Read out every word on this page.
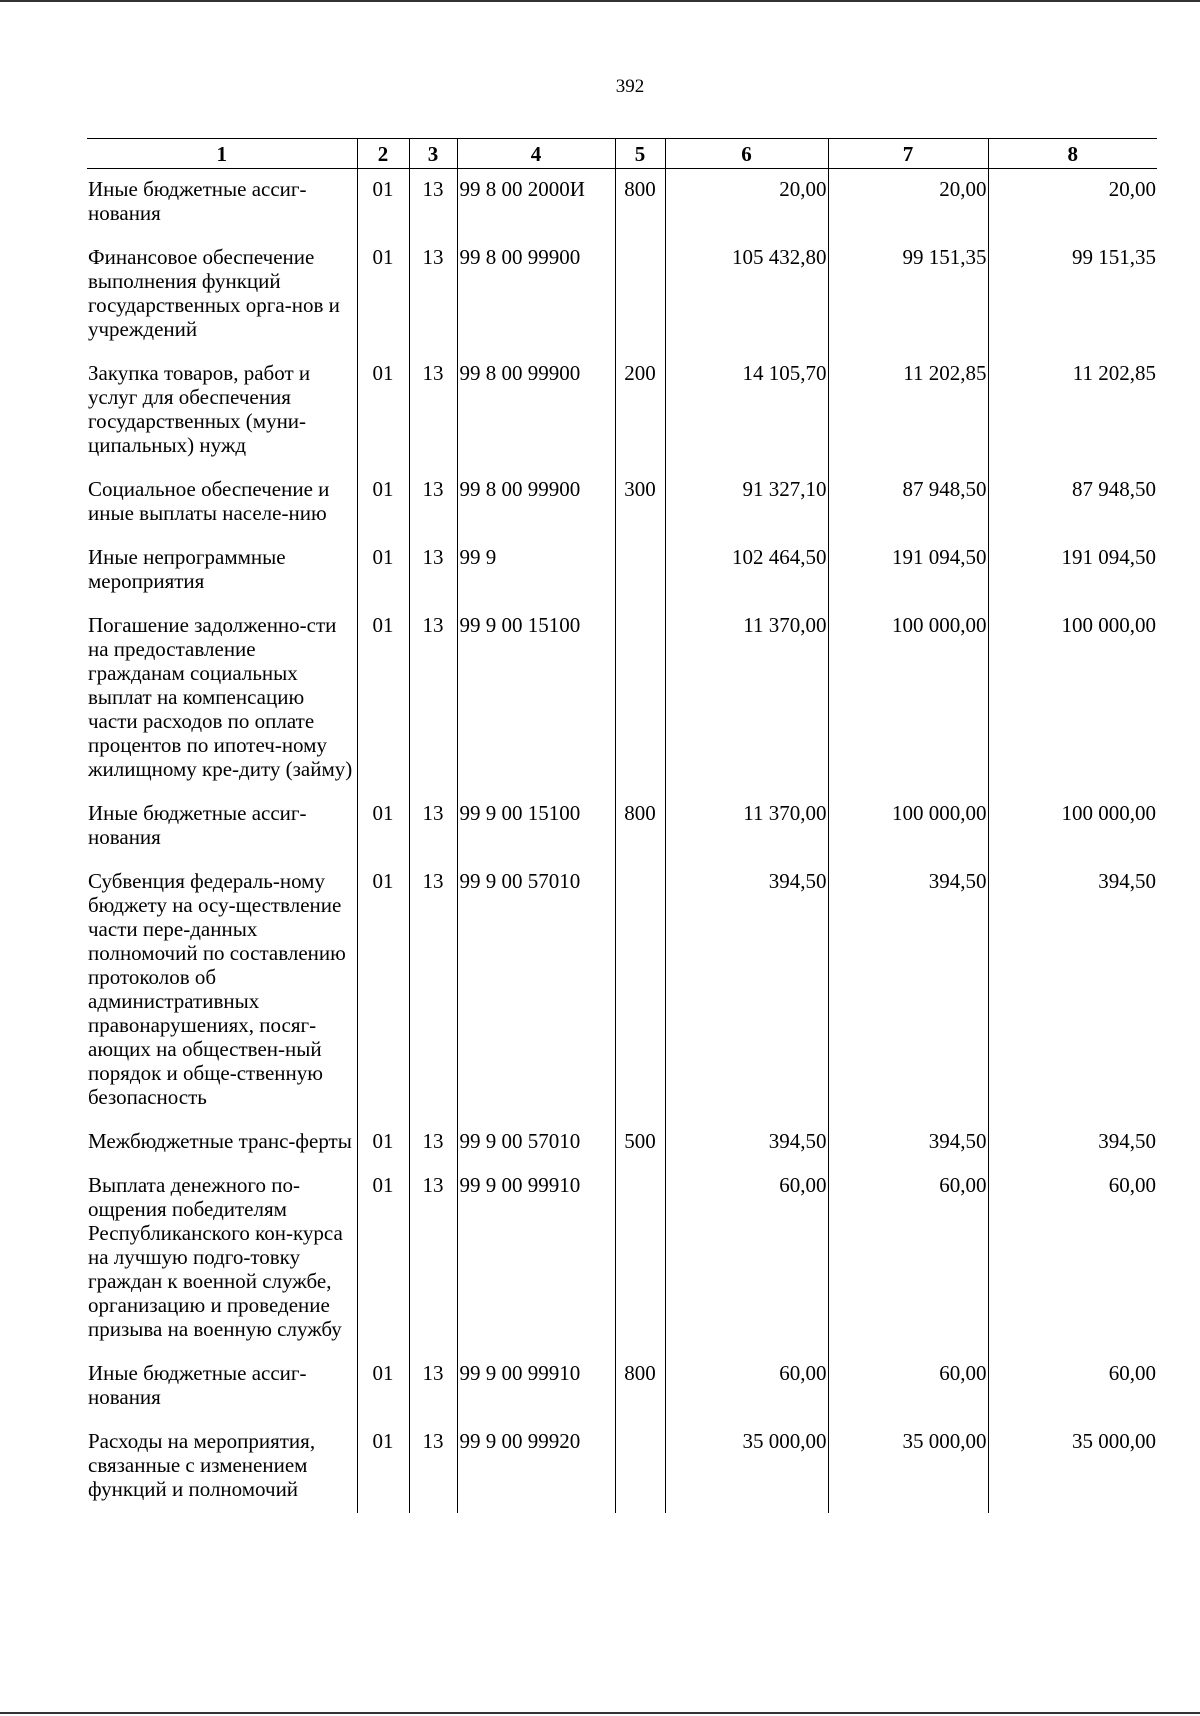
392
1	2	3	4	5	6	7	8
Иные бюджетные ассиг-нования	01	13	99 8 00 2000И	800	20,00	20,00	20,00
Финансовое обеспечение выполнения функций государственных орга-нов и учреждений	01	13	99 8 00 99900		105 432,80	99 151,35	99 151,35
Закупка товаров, работ и услуг для обеспечения государственных (муни-ципальных) нужд	01	13	99 8 00 99900	200	14 105,70	11 202,85	11 202,85
Социальное обеспечение и иные выплаты населе-нию	01	13	99 8 00 99900	300	91 327,10	87 948,50	87 948,50
Иные непрограммные мероприятия	01	13	99 9		102 464,50	191 094,50	191 094,50
Погашение задолженно-сти на предоставление гражданам социальных выплат на компенсацию части расходов по оплате процентов по ипотеч-ному жилищному кре-диту (займу)	01	13	99 9 00 15100		11 370,00	100 000,00	100 000,00
Иные бюджетные ассиг-нования	01	13	99 9 00 15100	800	11 370,00	100 000,00	100 000,00
Субвенция федераль-ному бюджету на осу-ществление части пере-данных полномочий по составлению протоколов об административных правонарушениях, посяг-ающих на обществен-ный порядок и обще-ственную безопасность	01	13	99 9 00 57010		394,50	394,50	394,50
Межбюджетные транс-ферты	01	13	99 9 00 57010	500	394,50	394,50	394,50
Выплата денежного по-ощрения победителям Республиканского кон-курса на лучшую подго-товку граждан к военной службе, организацию и проведение призыва на военную службу	01	13	99 9 00 99910		60,00	60,00	60,00
Иные бюджетные ассиг-нования	01	13	99 9 00 99910	800	60,00	60,00	60,00
Расходы на мероприятия, связанные с изменением функций и полномочий	01	13	99 9 00 99920		35 000,00	35 000,00	35 000,00
